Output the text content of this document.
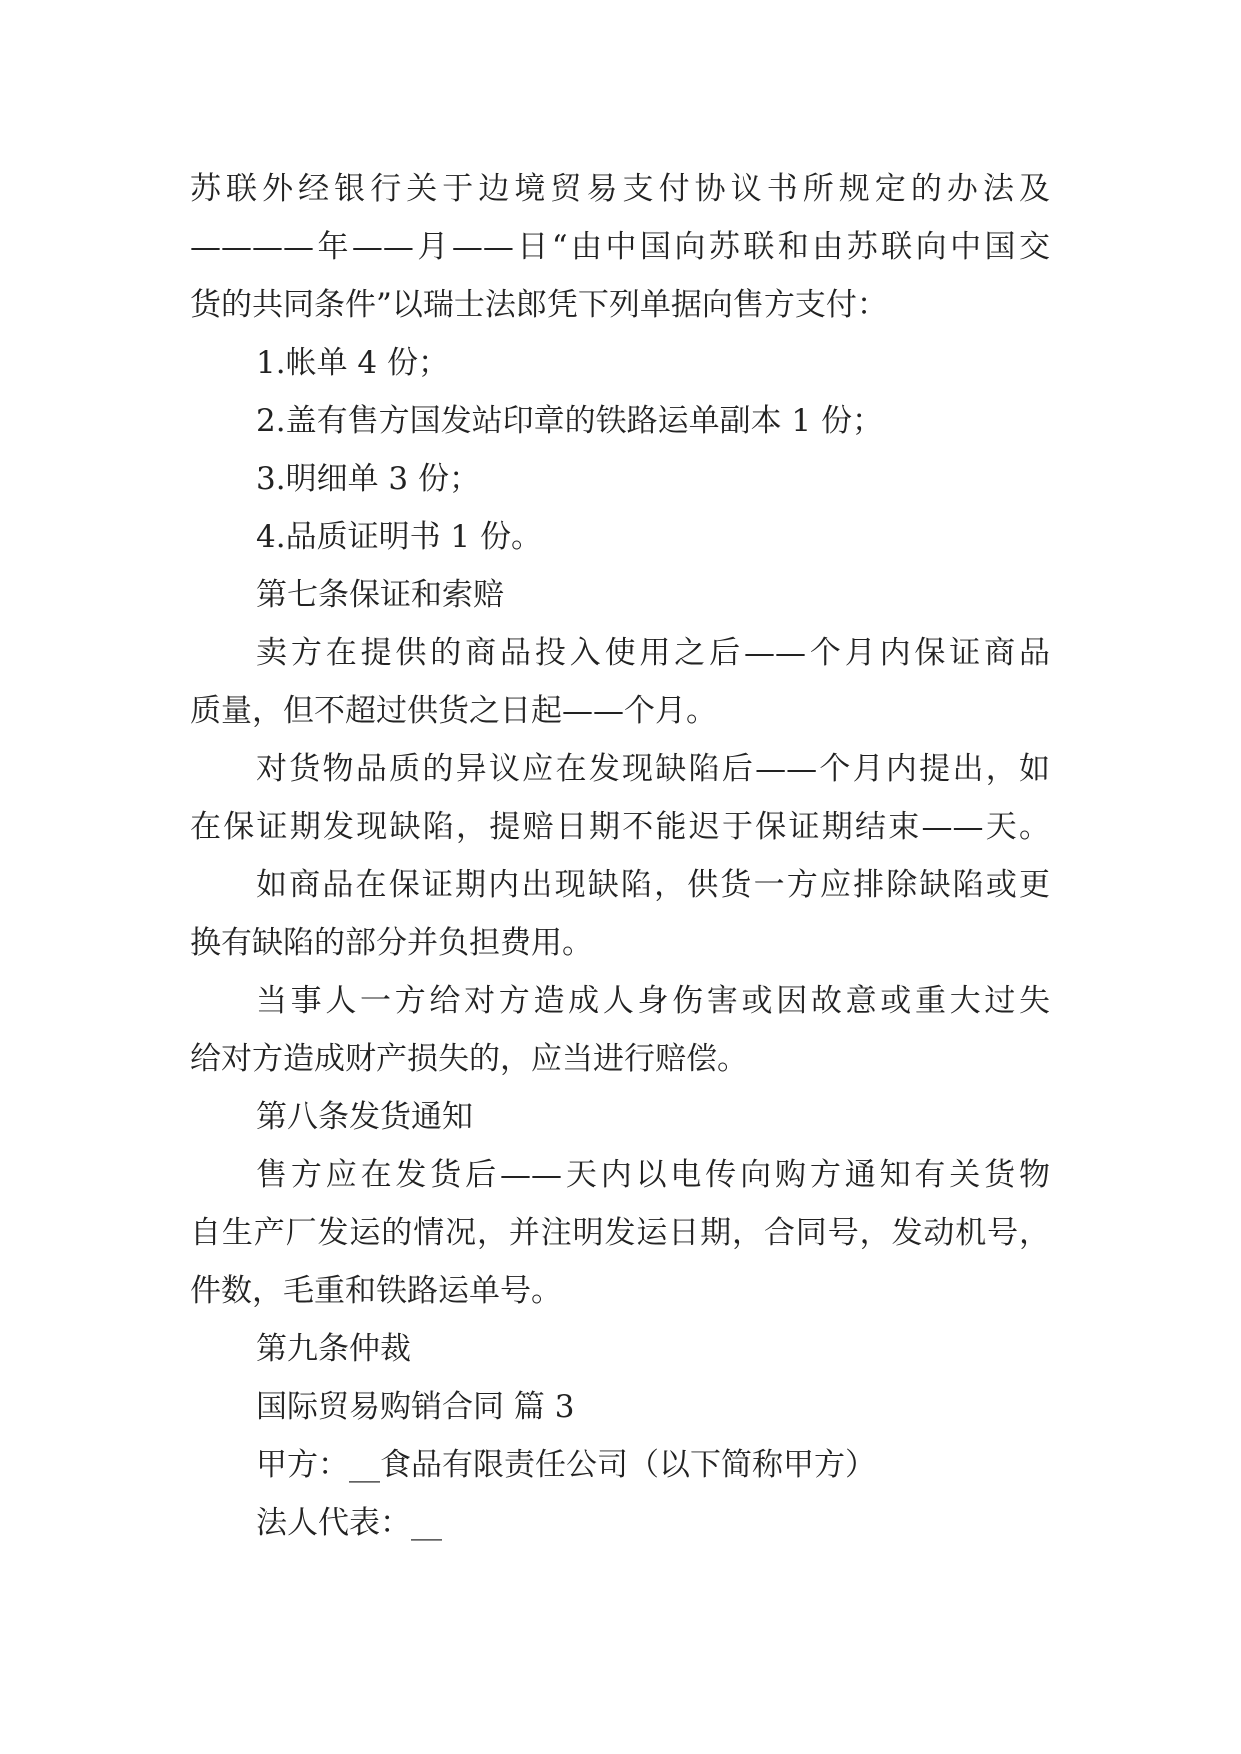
苏联外经银行关于边境贸易支付协议书所规定的办法及

————年——月——日“由中国向苏联和由苏联向中国交

货的共同条件”以瑞士法郎凭下列单据向售方支付：

1.帐单 4 份；

2.盖有售方国发站印章的铁路运单副本 1 份；

3.明细单 3 份；

4.品质证明书 1 份。

第七条保证和索赔

卖方在提供的商品投入使用之后——个月内保证商品

质量，但不超过供货之日起——个月。

对货物品质的异议应在发现缺陷后——个月内提出，如

在保证期发现缺陷，提赔日期不能迟于保证期结束——天。

如商品在保证期内出现缺陷，供货一方应排除缺陷或更

换有缺陷的部分并负担费用。

当事人一方给对方造成人身伤害或因故意或重大过失

给对方造成财产损失的，应当进行赔偿。

第八条发货通知

售方应在发货后——天内以电传向购方通知有关货物

自生产厂发运的情况，并注明发运日期，合同号，发动机号，

件数，毛重和铁路运单号。

第九条仲裁

国际贸易购销合同 篇 3

甲方：__食品有限责任公司（以下简称甲方）

法人代表：__
